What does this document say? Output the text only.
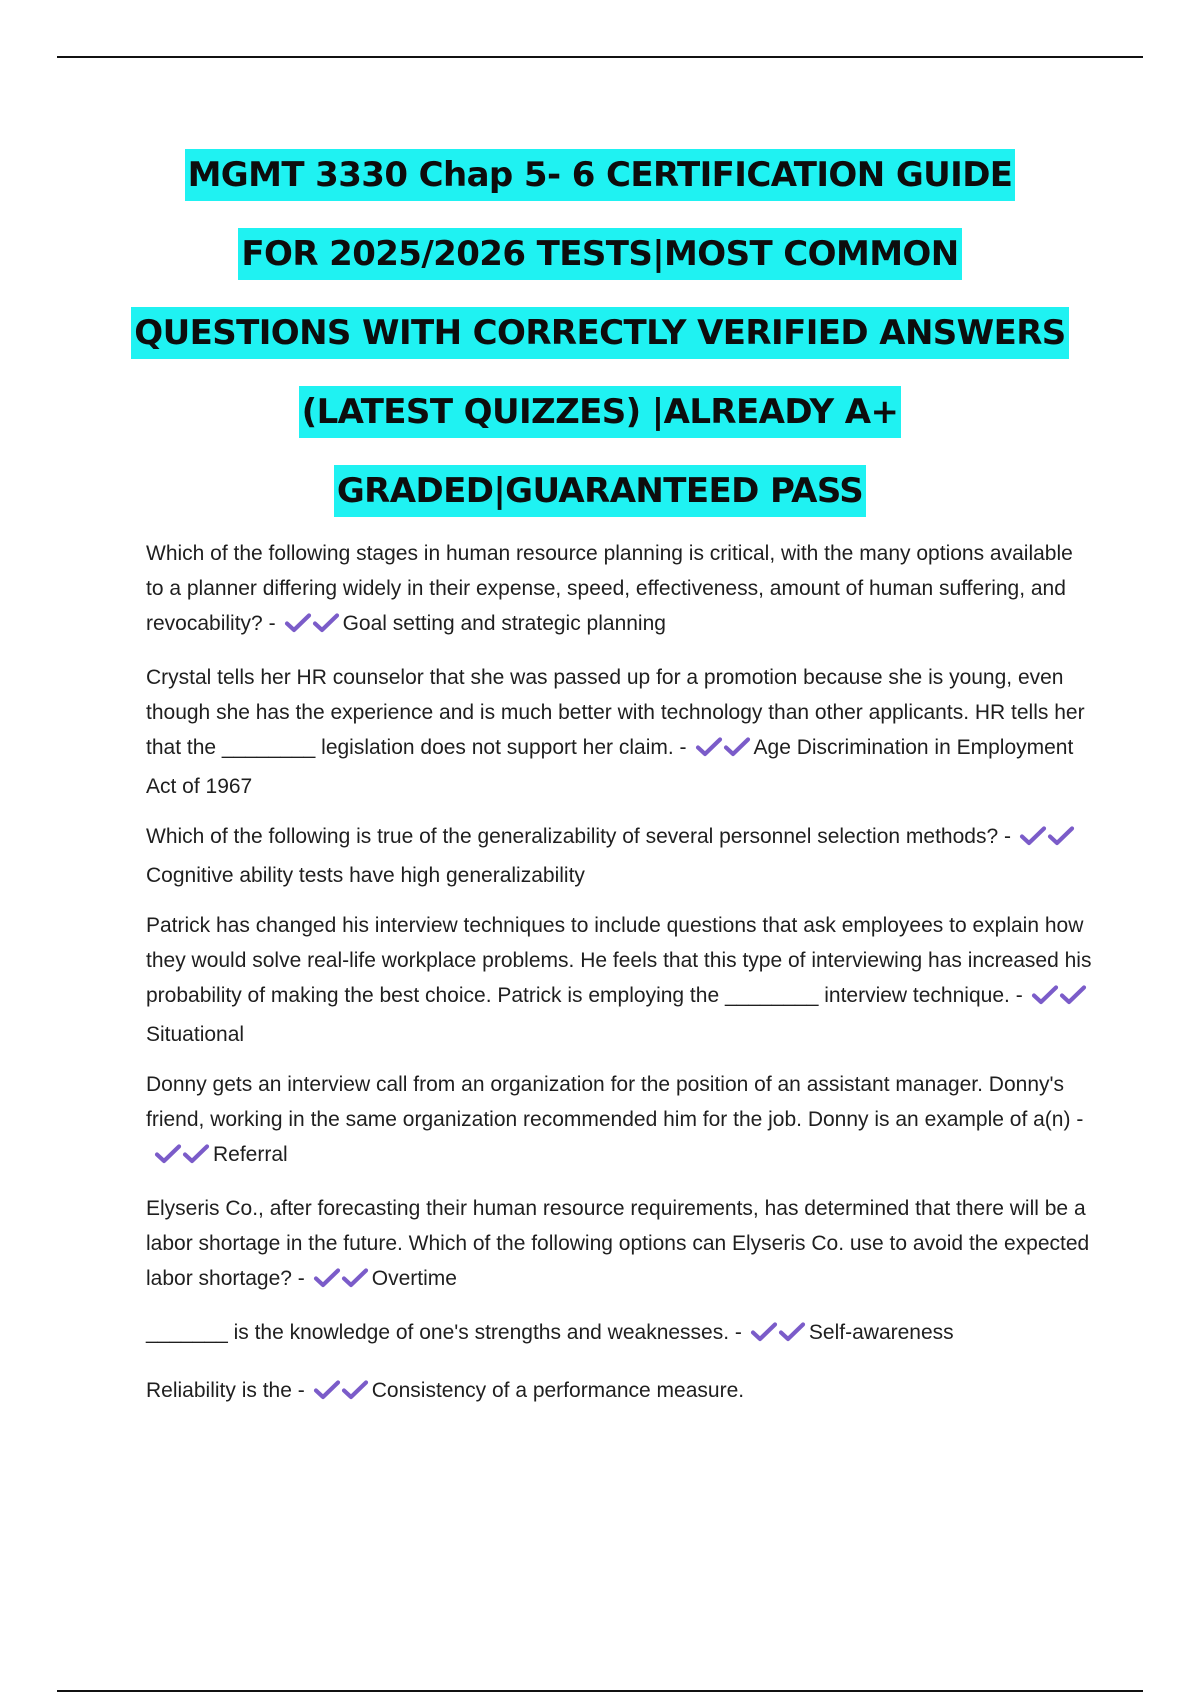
MGMT 3330 Chap 5- 6 CERTIFICATION GUIDE
FOR 2025/2026 TESTS|MOST COMMON
QUESTIONS WITH CORRECTLY VERIFIED ANSWERS
(LATEST QUIZZES) |ALREADY A+
GRADED|GUARANTEED PASS

Which of the following stages in human resource planning is critical, with the many options available to a planner differing widely in their expense, speed, effectiveness, amount of human suffering, and revocability? -	Goal setting and strategic planning

Crystal tells her HR counselor that she was passed up for a promotion because she is young, even though she has the experience and is much better with technology than other applicants. HR tells her that the ________ legislation does not support her claim. -	Age Discrimination in Employment Act of 1967

Which of the following is true of the generalizability of several personnel selection methods? -
Cognitive ability tests have high generalizability

Patrick has changed his interview techniques to include questions that ask employees to explain how they would solve real-life workplace problems. He feels that this type of interviewing has increased his probability of making the best choice. Patrick is employing the ________ interview technique. -
Situational

Donny gets an interview call from an organization for the position of an assistant manager. Donny's friend, working in the same organization recommended him for the job. Donny is an example of a(n) -
Referral

Elyseris Co., after forecasting their human resource requirements, has determined that there will be a labor shortage in the future. Which of the following options can Elyseris Co. use to avoid the expected labor shortage? -	Overtime

_______ is the knowledge of one's strengths and weaknesses. -	Self-awareness

Reliability is the -	Consistency of a performance measure.
